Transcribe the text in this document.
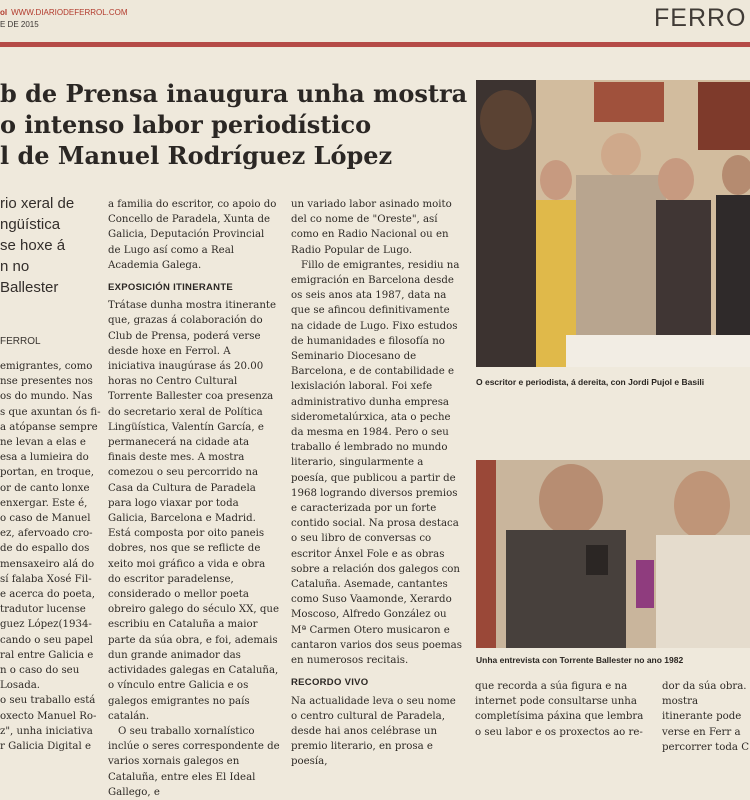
ol WWW.DIARIODEFERROL.COM
E DE 2015	FERRO
b de Prensa inaugura unha mostra
o intenso labor periodístico
l de Manuel Rodríguez López
rio xeral de
ngüística
se hoxe á
n no
Ballester
FERROL
emigrantes, como
nse presentes nos
os do mundo. Nas
s que axuntan ós fi-
a atópanse sempre
ne levan a elas e
esa a lumieira do
portan, en troque,
or de canto lonxe
enxergar. Este é,
o caso de Manuel
ez, afervoado cro-
de do espallo dos
mensaxeiro alá do
sí falaba Xosé Fil-
e acerca do poeta,
tradutor lucense
guez López(1934-
cando o seu papel
ral entre Galicia e
n o caso do seu
Losada.
o seu traballo está
oxecto Manuel Ro-
z", unha iniciativa
r Galicia Digital e

a familia do escritor, co apoio do Concello de Paradela, Xunta de Galicia, Deputación Provincial de Lugo así como a Real Academia Galega.

EXPOSICIÓN ITINERANTE

Trátase dunha mostra itinerante que, grazas á colaboración do Club de Prensa, poderá verse desde hoxe en Ferrol. A iniciativa inaugúrase ás 20.00 horas no Centro Cultural Torrente Ballester coa presenza do secretario xeral de Política Lingüística, Valentín García, e permanecerá na cidade ata finais deste mes. A mostra comezou o seu percorrido na Casa da Cultura de Paradela para logo viaxar por toda Galicia, Barcelona e Madrid. Está composta por oito paneis dobres, nos que se reflicte de xeito moi gráfico a vida e obra do escritor paradelense, considerado o mellor poeta obreiro galego do século XX, que escribiu en Cataluña a maior parte da súa obra, e foi, ademais dun grande animador das actividades galegas en Cataluña, o vínculo entre Galicia e os galegos emigrantes no país catalán.

O seu traballo xornalístico inclúe o seres correspondente de varios xornais galegos en Cataluña, entre eles El Ideal Gallego, e

un variado labor asinado moito del co nome de "Oreste", así como en Radio Nacional ou en Radio Popular de Lugo.

Fillo de emigrantes, residiu na emigración en Barcelona desde os seis anos ata 1987, data na que se afincou definitivamente na cidade de Lugo. Fixo estudos de humanidades e filosofía no Seminario Diocesano de Barcelona, e de contabilidade e lexislación laboral. Foi xefe administrativo dunha empresa siderometalúrxica, ata o peche da mesma en 1984. Pero o seu traballo é lembrado no mundo literario, singularmente a poesía, que publicou a partir de 1968 logrando diversos premios e caracterizada por un forte contido social. Na prosa destaca o seu libro de conversas co escritor Ánxel Fole e as obras sobre a relación dos galegos con Cataluña. Asemade, cantantes como Suso Vaamonde, Xerardo Moscoso, Alfredo González ou Mª Carmen Otero musicaron e cantaron varios dos seus poemas en numerosos recitais.

RECORDO VIVO

Na actualidade leva o seu nome o centro cultural de Paradela, desde hai anos celébrase un premio literario, en prosa e poesía,

O escritor e periodista, á dereita, con Jordi Pujol e Basili
Unha entrevista con Torrente Ballester no ano 1982
que recorda a súa figura e na internet pode consultarse unha completísima páxina que lembra o seu labor e os proxectos ao re-
dor da súa obra. mostra itinerante pode verse en Ferr a percorrer toda C
